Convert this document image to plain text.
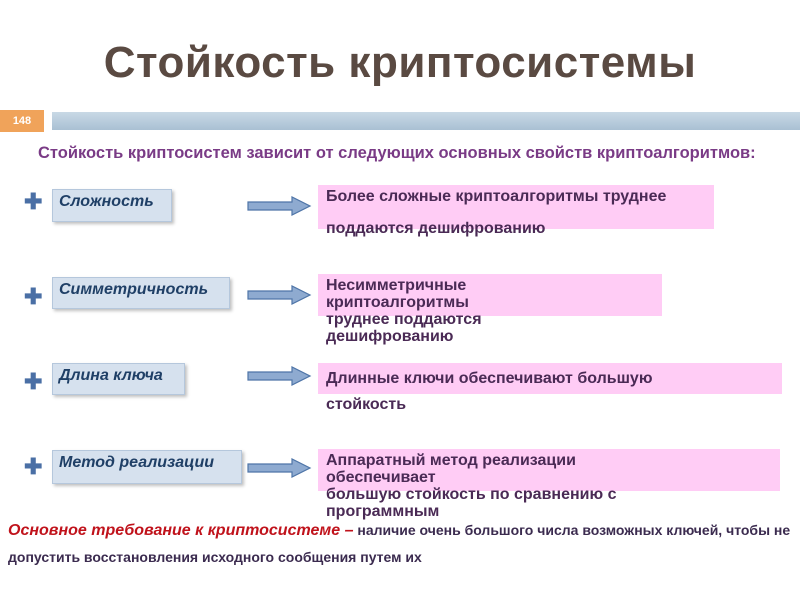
Стойкость криптосистемы
148
Стойкость криптосистем зависит от следующих основных свойств криптоалгоритмов:
✚	Сложность	Более сложные криптоалгоритмы труднее
поддаются дешифрованию
✚	Симметричность	Несимметричные криптоалгоритмы
труднее поддаются дешифрованию
✚	Длина ключа	Длинные ключи обеспечивают большую
стойкость
✚	Метод реализации	Аппаратный метод реализации обеспечивает
большую стойкость по сравнению с программным
Основное требование к криптосистеме – наличие очень большого числа возможных ключей, чтобы не допустить восстановления исходного сообщения путем их
